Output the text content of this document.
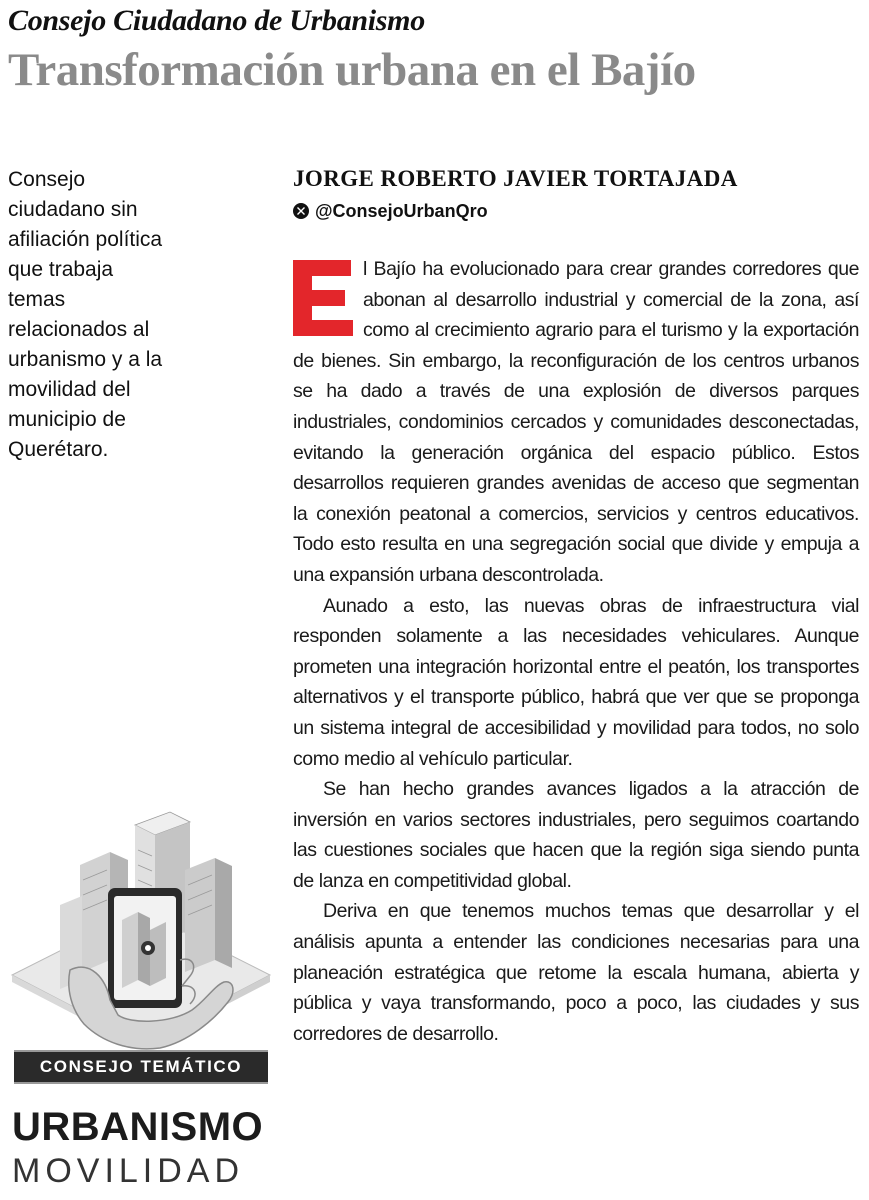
Consejo Ciudadano de Urbanismo
Transformación urbana en el Bajío
Consejo ciudadano sin afiliación política que trabaja temas relacionados al urbanismo y a la movilidad del municipio de Querétaro.
JORGE ROBERTO JAVIER TORTAJADA
@ConsejoUrbanQro

l Bajío ha evolucionado para crear grandes corredores que abonan al desarrollo industrial y comercial de la zona, así como al crecimiento agrario para el turismo y la exportación de bienes. Sin embargo, la reconfiguración de los centros urbanos se ha dado a través de una explosión de diversos parques industriales, condominios cercados y comunidades desconectadas, evitando la generación orgánica del espacio público. Estos desarrollos requieren grandes avenidas de acceso que segmentan la conexión peatonal a comercios, servicios y centros educativos. Todo esto resulta en una segregación social que divide y empuja a una expansión urbana descontrolada.

Aunado a esto, las nuevas obras de infraestructura vial responden solamente a las necesidades vehiculares. Aunque prometen una integración horizontal entre el peatón, los transportes alternativos y el transporte público, habrá que ver que se proponga un sistema integral de accesibilidad y movilidad para todos, no solo como medio al vehículo particular.

Se han hecho grandes avances ligados a la atracción de inversión en varios sectores industriales, pero seguimos coartando las cuestiones sociales que hacen que la región siga siendo punta de lanza en competitividad global.

Deriva en que tenemos muchos temas que desarrollar y el análisis apunta a entender las condiciones necesarias para una planeación estratégica que retome la escala humana, abierta y pública y vaya transformando, poco a poco, las ciudades y sus corredores de desarrollo.

CONSEJO TEMÁTICO
URBANISMO
MOVILIDAD
